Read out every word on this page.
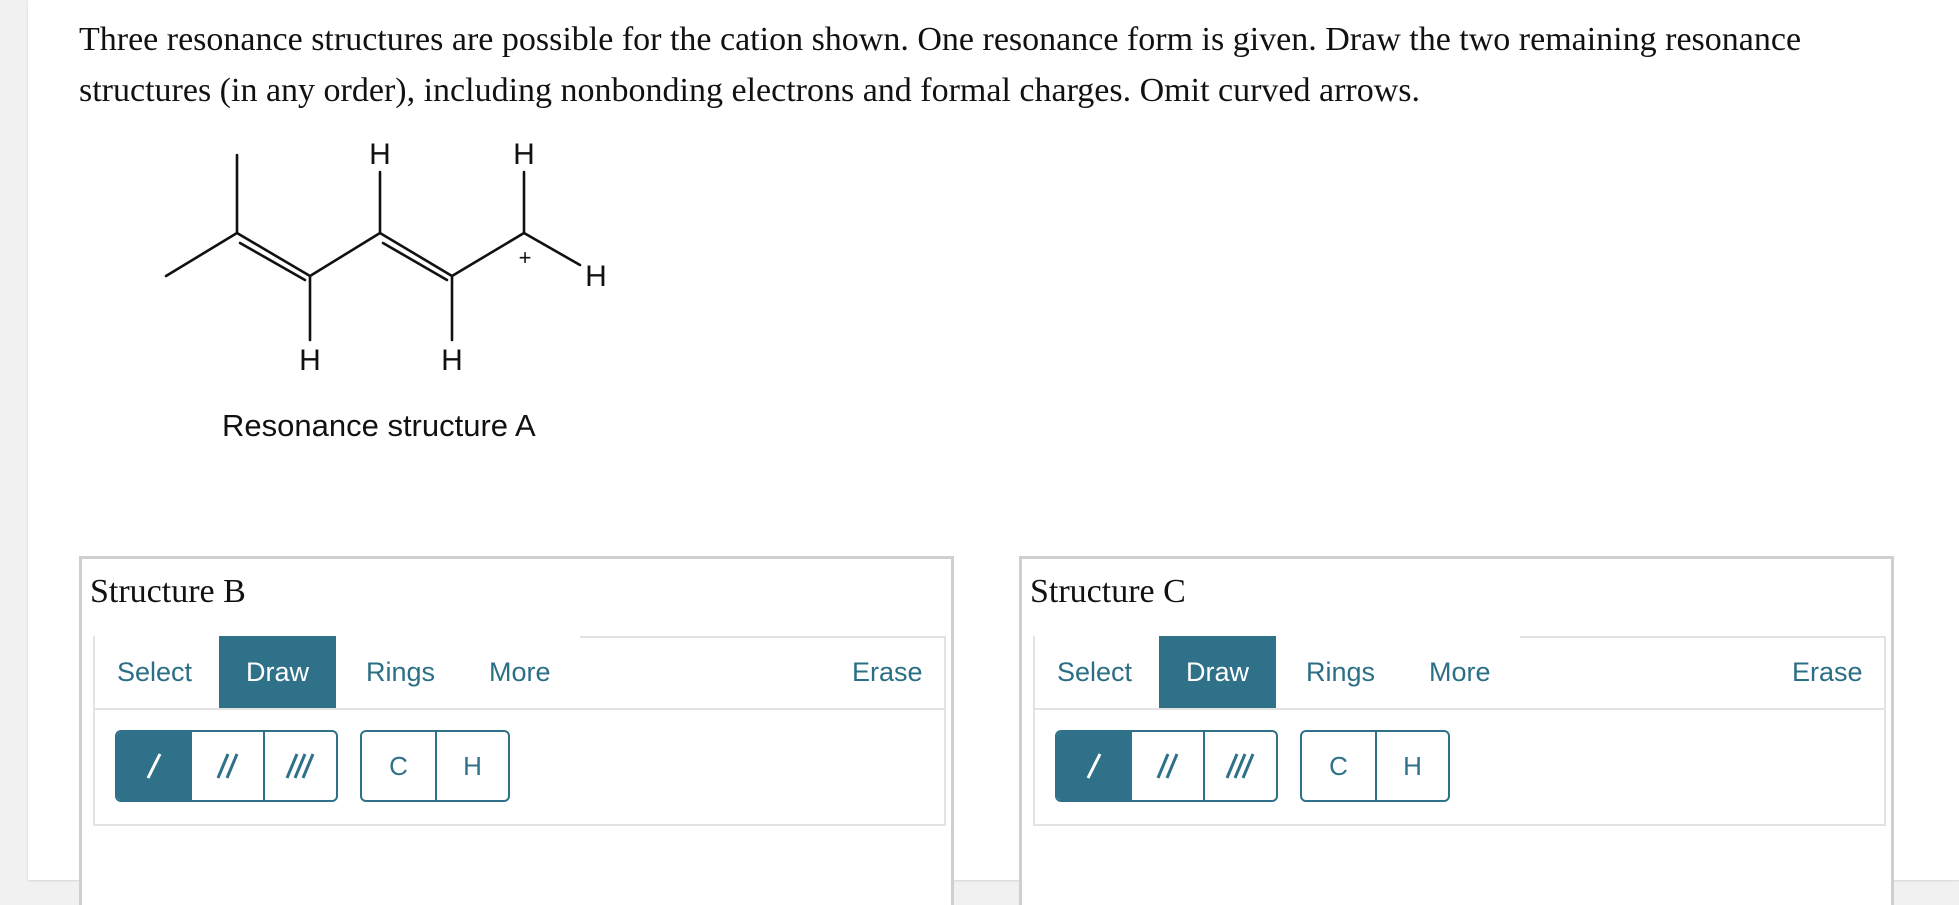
Three resonance structures are possible for the cation shown. One resonance form is given. Draw the two remaining resonance
structures (in any order), including nonbonding electrons and formal charges. Omit curved arrows.
H	H
H
H	H
+
Resonance structure A
Structure B
Select	Draw	Rings More	Erase
C	H
Structure C
Select	Draw	Rings More	Erase
C	H
